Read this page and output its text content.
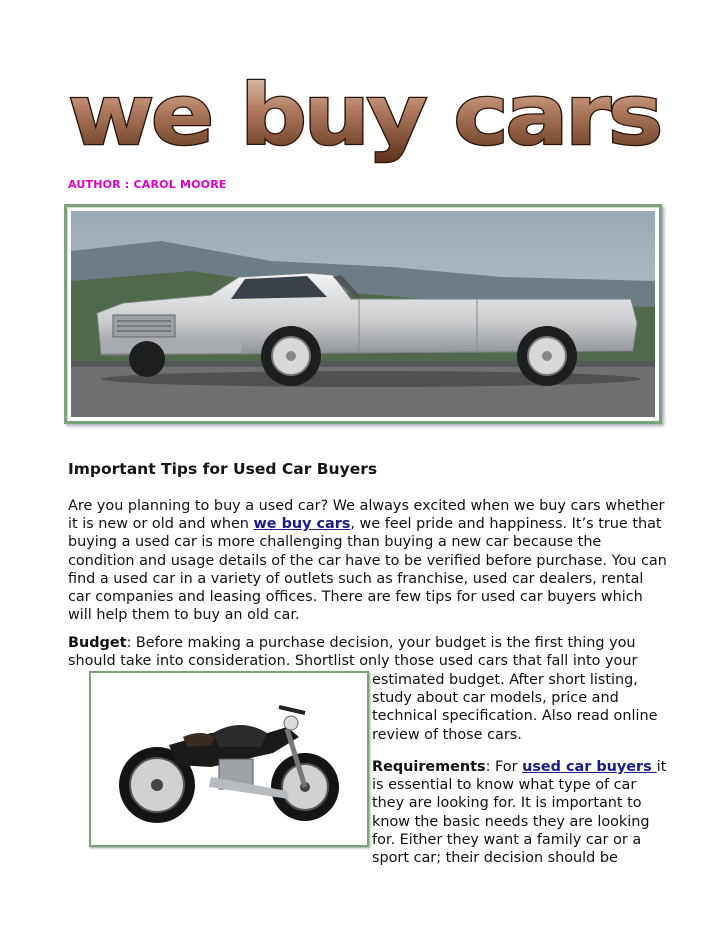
we buy cars
AUTHOR : CAROL MOORE
Important Tips for Used Car Buyers

Are you planning to buy a used car? We always excited when we buy cars whether it is new or old and when we buy cars, we feel pride and happiness. It’s true that buying a used car is more challenging than buying a new car because the condition and usage details of the car have to be verified before purchase. You can find a used car in a variety of outlets such as franchise, used car dealers, rental car companies and leasing offices. There are few tips for used car buyers which will help them to buy an old car.

Budget: Before making a purchase decision, your budget is the first thing you should take into consideration. Shortlist only those used cars that fall into your

estimated budget. After short listing, study about car models, price and technical specification. Also read online review of those cars.

Requirements: For used car buyers it is essential to know what type of car they are looking for. It is important to know the basic needs they are looking for. Either they want a family car or a sport car; their decision should be
